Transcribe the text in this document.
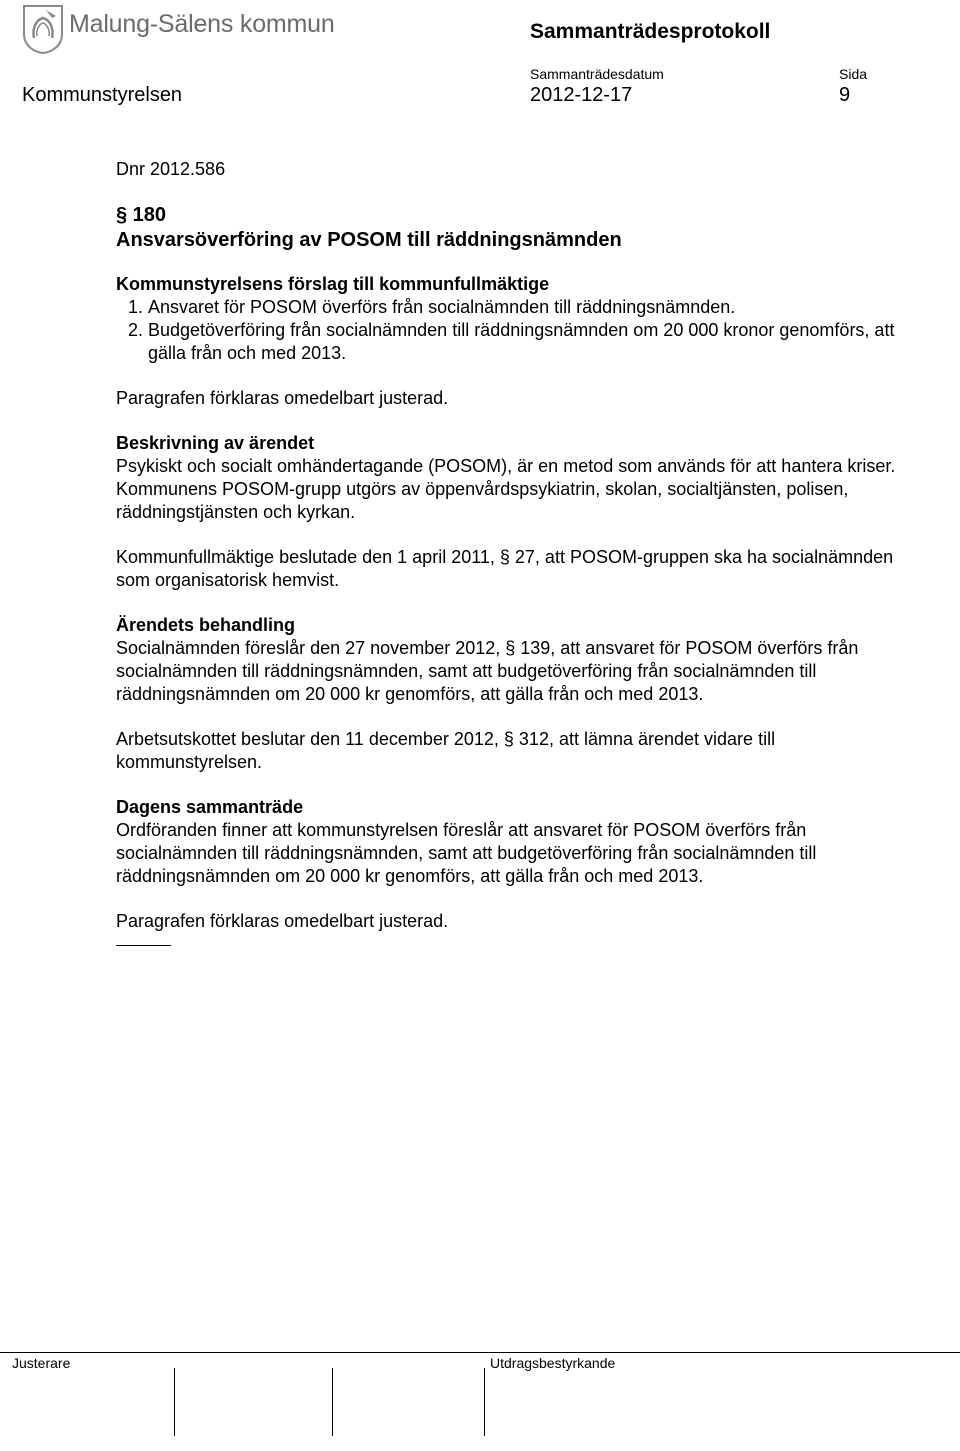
Malung-Sälens kommun	Sammanträdesprotokoll
Sammanträdesdatum	Sida
Kommunstyrelsen	2012-12-17	9

Dnr 2012.586

§ 180

Ansvarsöverföring av POSOM till räddningsnämnden

Kommunstyrelsens förslag till kommunfullmäktige

1. Ansvaret för POSOM överförs från socialnämnden till räddningsnämnden.
2. Budgetöverföring från socialnämnden till räddningsnämnden om 20 000 kronor genomförs, att gälla från och med 2013.

Paragrafen förklaras omedelbart justerad.

Beskrivning av ärendet

Psykiskt och socialt omhändertagande (POSOM), är en metod som används för att hantera kriser. Kommunens POSOM-grupp utgörs av öppenvårdspsykiatrin, skolan, socialtjänsten, polisen, räddningstjänsten och kyrkan.

Kommunfullmäktige beslutade den 1 april 2011, § 27, att POSOM-gruppen ska ha socialnämnden som organisatorisk hemvist.

Ärendets behandling

Socialnämnden föreslår den 27 november 2012, § 139, att ansvaret för POSOM överförs från socialnämnden till räddningsnämnden, samt att budgetöverföring från socialnämnden till räddningsnämnden om 20 000 kr genomförs, att gälla från och med 2013.

Arbetsutskottet beslutar den 11 december 2012, § 312, att lämna ärendet vidare till kommunstyrelsen.

Dagens sammanträde

Ordföranden finner att kommunstyrelsen föreslår att ansvaret för POSOM överförs från socialnämnden till räddningsnämnden, samt att budgetöverföring från socialnämnden till räddningsnämnden om 20 000 kr genomförs, att gälla från och med 2013.

Paragrafen förklaras omedelbart justerad.

Justerare	Utdragsbestyrkande
